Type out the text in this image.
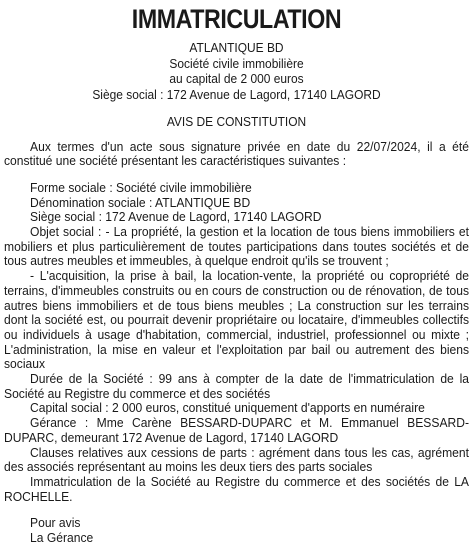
IMMATRICULATION
ATLANTIQUE BD
Société civile immobilière
au capital de 2 000 euros
Siège social : 172 Avenue de Lagord, 17140 LAGORD
AVIS DE CONSTITUTION

Aux termes d'un acte sous signature privée en date du 22/07/2024, il a été constitué une société présentant les caractéristiques suivantes :

Forme sociale : Société civile immobilière

Dénomination sociale : ATLANTIQUE BD

Siège social : 172 Avenue de Lagord, 17140 LAGORD

Objet social : - La propriété, la gestion et la location de tous biens immobiliers et mobiliers et plus particulièrement de toutes participations dans toutes sociétés et de tous autres meubles et immeubles, à quelque endroit qu'ils se trouvent ;

- L'acquisition, la prise à bail, la location-vente, la propriété ou copropriété de terrains, d'immeubles construits ou en cours de construction ou de rénovation, de tous autres biens immobiliers et de tous biens meubles ; La construction sur les terrains dont la société est, ou pourrait devenir propriétaire ou locataire, d'immeubles collectifs ou individuels à usage d'habitation, commercial, industriel, professionnel ou mixte ; L'administration, la mise en valeur et l'exploitation par bail ou autrement des biens sociaux

Durée de la Société : 99 ans à compter de la date de l'immatriculation de la Société au Registre du commerce et des sociétés

Capital social : 2 000 euros, constitué uniquement d'apports en numéraire

Gérance : Mme Carène BESSARD-DUPARC et M. Emmanuel BESSARD-DUPARC, demeurant 172 Avenue de Lagord, 17140 LAGORD

Clauses relatives aux cessions de parts : agrément dans tous les cas, agrément des associés représentant au moins les deux tiers des parts sociales

Immatriculation de la Société au Registre du commerce et des sociétés de LA ROCHELLE.

Pour avis

La Gérance
